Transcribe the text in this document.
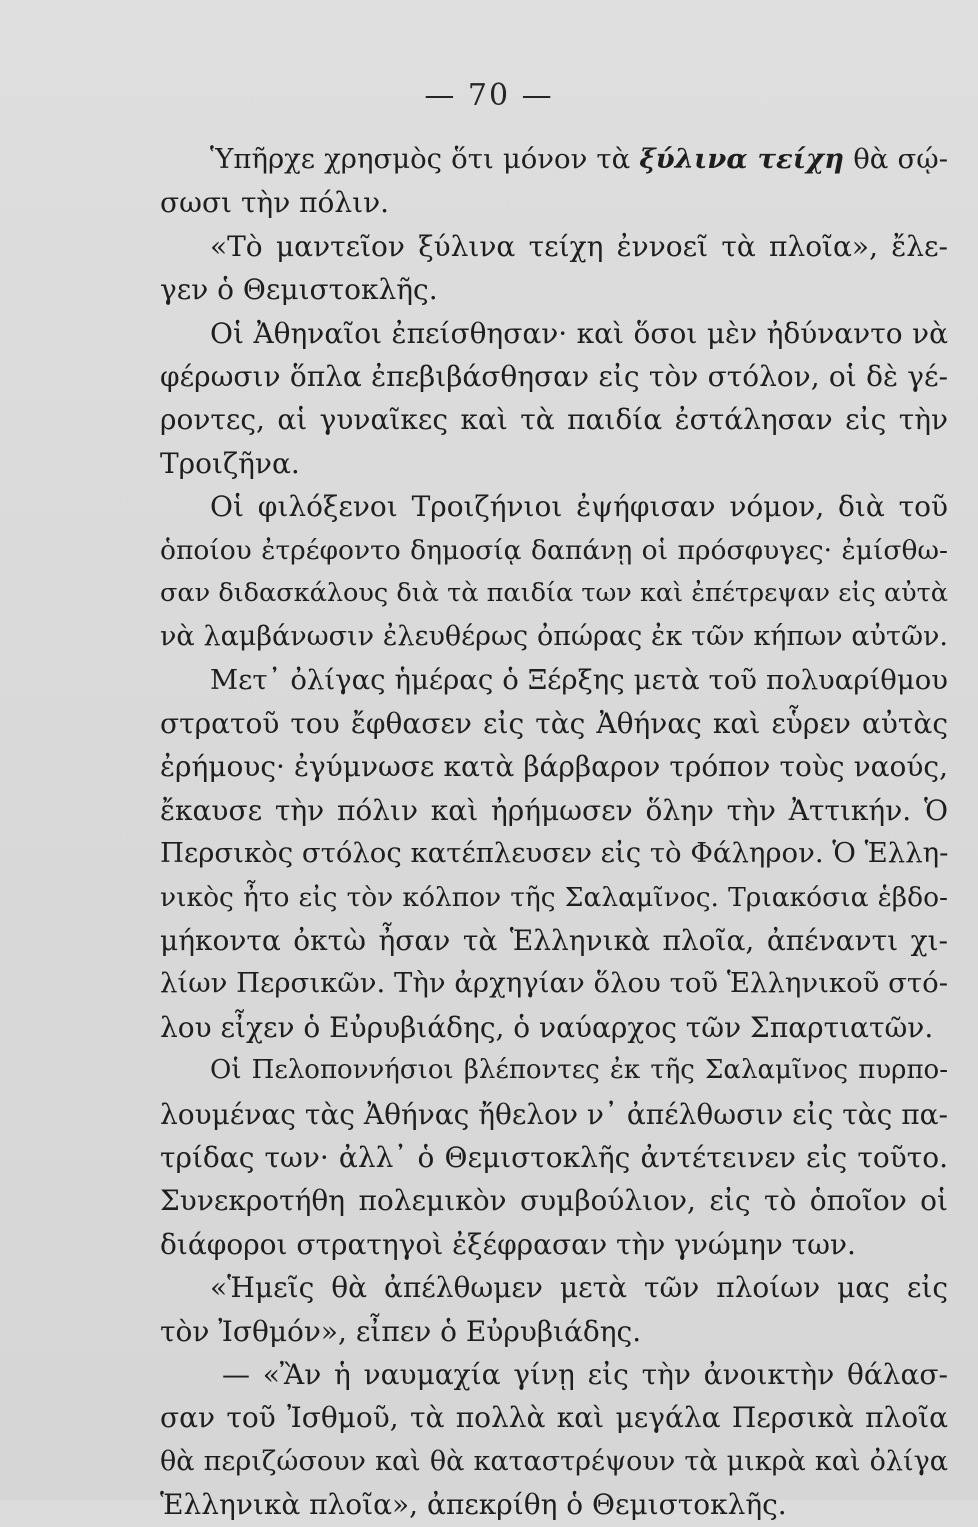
— 70 —
Ὑπῆρχε χρησμὸς ὅτι μόνον τὰ ξύλινα τείχη θὰ σῴ-
σωσι τὴν πόλιν.
«Τὸ μαντεῖον ξύλινα τείχη ἐννοεῖ τὰ πλοῖα», ἔλε-
γεν ὁ Θεμιστοκλῆς.
Οἱ Ἀθηναῖοι ἐπείσθησαν· καὶ ὅσοι μὲν ἠδύναντο νὰ
φέρωσιν ὅπλα ἐπεβιβάσθησαν εἰς τὸν στόλον, οἱ δὲ γέ-
ροντες, αἱ γυναῖκες καὶ τὰ παιδία ἐστάλησαν εἰς τὴν
Τροιζῆνα.
Οἱ φιλόξενοι Τροιζήνιοι ἐψήφισαν νόμον, διὰ τοῦ
ὁποίου ἐτρέφοντο δημοσίᾳ δαπάνῃ οἱ πρόσφυγες· ἐμίσθω-
σαν διδασκάλους διὰ τὰ παιδία των καὶ ἐπέτρεψαν εἰς αὐτὰ
νὰ λαμβάνωσιν ἐλευθέρως ὀπώρας ἐκ τῶν κήπων αὐτῶν.
Μετ᾽ ὀλίγας ἡμέρας ὁ Ξέρξης μετὰ τοῦ πολυαρίθμου
στρατοῦ του ἔφθασεν εἰς τὰς Ἀθήνας καὶ εὗρεν αὐτὰς
ἐρήμους· ἐγύμνωσε κατὰ βάρβαρον τρόπον τοὺς ναούς,
ἔκαυσε τὴν πόλιν καὶ ἠρήμωσεν ὅλην τὴν Ἀττικήν. Ὁ
Περσικὸς στόλος κατέπλευσεν εἰς τὸ Φάληρον. Ὁ Ἑλλη-
νικὸς ἦτο εἰς τὸν κόλπον τῆς Σαλαμῖνος. Τριακόσια ἑβδο-
μήκοντα ὀκτὼ ἦσαν τὰ Ἑλληνικὰ πλοῖα, ἀπέναντι χι-
λίων Περσικῶν. Τὴν ἀρχηγίαν ὅλου τοῦ Ἑλληνικοῦ στό-
λου εἶχεν ὁ Εὐρυβιάδης, ὁ ναύαρχος τῶν Σπαρτιατῶν.
Οἱ Πελοποννήσιοι βλέποντες ἐκ τῆς Σαλαμῖνος πυρπο-
λουμένας τὰς Ἀθήνας ἤθελον ν᾽ ἀπέλθωσιν εἰς τὰς πα-
τρίδας των· ἀλλ᾽ ὁ Θεμιστοκλῆς ἀντέτεινεν εἰς τοῦτο.
Συνεκροτήθη πολεμικὸν συμβούλιον, εἰς τὸ ὁποῖον οἱ
διάφοροι στρατηγοὶ ἐξέφρασαν τὴν γνώμην των.
«Ἡμεῖς θὰ ἀπέλθωμεν μετὰ τῶν πλοίων μας εἰς
τὸν Ἰσθμόν», εἶπεν ὁ Εὐρυβιάδης.
— «Ἂν ἡ ναυμαχία γίνῃ εἰς τὴν ἀνοικτὴν θάλασ-
σαν τοῦ Ἰσθμοῦ, τὰ πολλὰ καὶ μεγάλα Περσικὰ πλοῖα
θὰ περιζώσουν καὶ θὰ καταστρέψουν τὰ μικρὰ καὶ ὀλίγα
Ἑλληνικὰ πλοῖα», ἀπεκρίθη ὁ Θεμιστοκλῆς.
